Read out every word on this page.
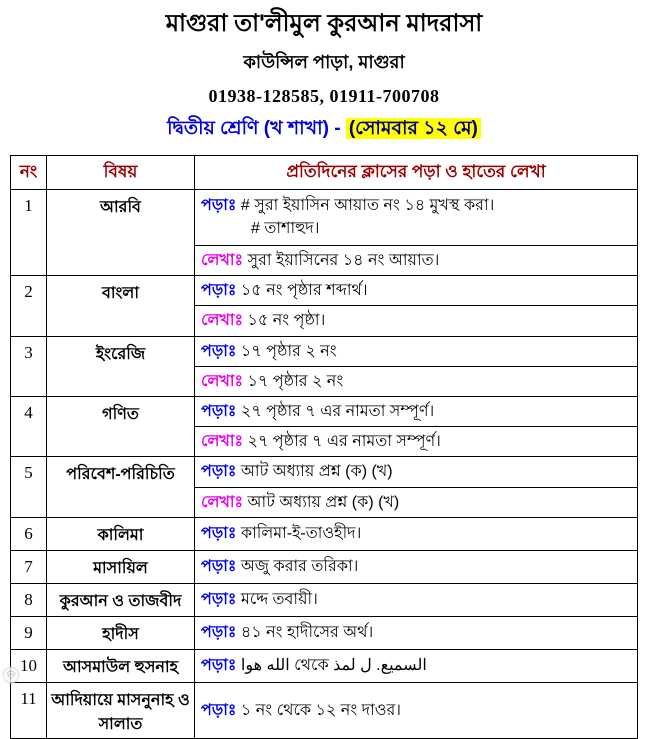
মাগুরা তা'লীমুল কুরআন মাদরাসা
কাউন্সিল পাড়া, মাগুরা
01938-128585, 01911-700708
দ্বিতীয় শ্রেণি (খ শাখা) - (সোমবার ১২ মে)
নং	বিষয়	প্রতিদিনের ক্লাসের পড়া ও হাতের লেখা
1	আরবি	পড়াঃ # সুরা ইয়াসিন আয়াত নং ১৪ মুখস্থ করা।
# তাশাহুদ।

		লেখাঃ সুরা ইয়াসিনের ১৪ নং আয়াত।
2	বাংলা	পড়াঃ ১৫ নং পৃষ্ঠার শব্দার্থ।
		লেখাঃ ১৫ নং পৃষ্ঠা।
3	ইংরেজি	পড়াঃ ১৭ পৃষ্ঠার ২ নং
		লেখাঃ ১৭ পৃষ্ঠার ২ নং
4	গণিত	পড়াঃ ২৭ পৃষ্ঠার ৭ এর নামতা সম্পূর্ণ।
		লেখাঃ ২৭ পৃষ্ঠার ৭ এর নামতা সম্পূর্ণ।
5	পরিবেশ-পরিচিতি	পড়াঃ আট অধ্যায় প্রশ্ন (ক) (খ)
		লেখাঃ আট অধ্যায় প্রশ্ন (ক) (খ)
6	কালিমা	পড়াঃ কালিমা-ই-তাওহীদ।
7	মাসায়িল	পড়াঃ অজু করার তরিকা।
8	কুরআন ও তাজবীদ	পড়াঃ মদ্দে তবায়ী।
9	হাদীস	পড়াঃ ৪১ নং হাদীসের অর্থ।
10	আসমাউল হুসনাহ	পড়াঃ الله هوا থেকে السميع. ل لمذ
11	আদিয়ায়ে মাসনুনাহ ও সালাত	পড়াঃ ১ নং থেকে ১২ নং দাওর।
